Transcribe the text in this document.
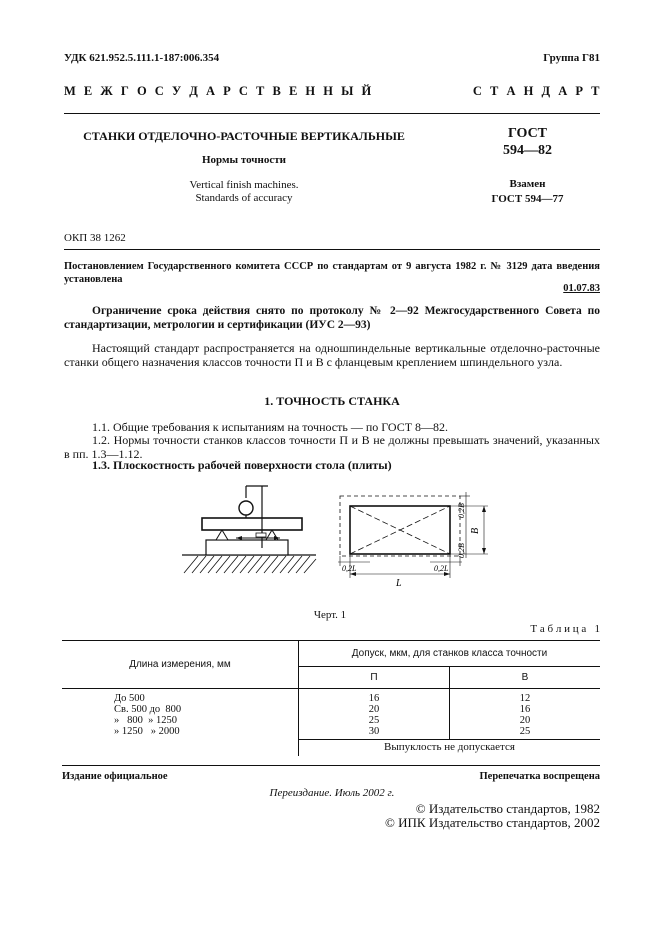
УДК 621.952.5.111.1-187:006.354	Группа Г81
М Е Ж Г О С У Д А Р С Т В Е Н Н Ы Й	С Т А Н Д А Р Т
СТАНКИ ОТДЕЛОЧНО-РАСТОЧНЫЕ ВЕРТИКАЛЬНЫЕ
Нормы точности
Vertical finish machines.
Standards of accuracy
ГОСТ
594—82
Взамен
ГОСТ 594—77
ОКП 38 1262
Постановлением Государственного комитета СССР по стандартам от 9 августа 1982 г. № 3129 дата введения установлена
01.07.83
Ограничение срока действия снято по протоколу № 2—92 Межгосударственного Совета по стандартизации, метрологии и сертификации (ИУС 2—93)
Настоящий стандарт распространяется на одношпиндельные вертикальные отделочно-расточные станки общего назначения классов точности П и В с фланцевым креплением шпиндельного узла.
1. ТОЧНОСТЬ СТАНКА
1.1. Общие требования к испытаниям на точность — по ГОСТ 8—82.
1.2. Нормы точности станков классов точности П и В не должны превышать значений, указанных в пп. 1.3—1.12.
1.3. Плоскостность рабочей поверхности стола (плиты)
В
L
0,2В
0,2В
0,2L	0,2L
Черт. 1
Т а б л и ц а   1
Длина измерения, мм	Допуск, мкм, для станков класса точности	
	П	В
До 500	16	12
Св. 500 до  800	20	16
»   800  » 1250	25	20
» 1250   » 2000	30	25
	Выпуклость не допускается	
Издание официальное	Перепечатка воспрещена
Переиздание. Июль 2002 г.
© Издательство стандартов, 1982
© ИПК Издательство стандартов, 2002
